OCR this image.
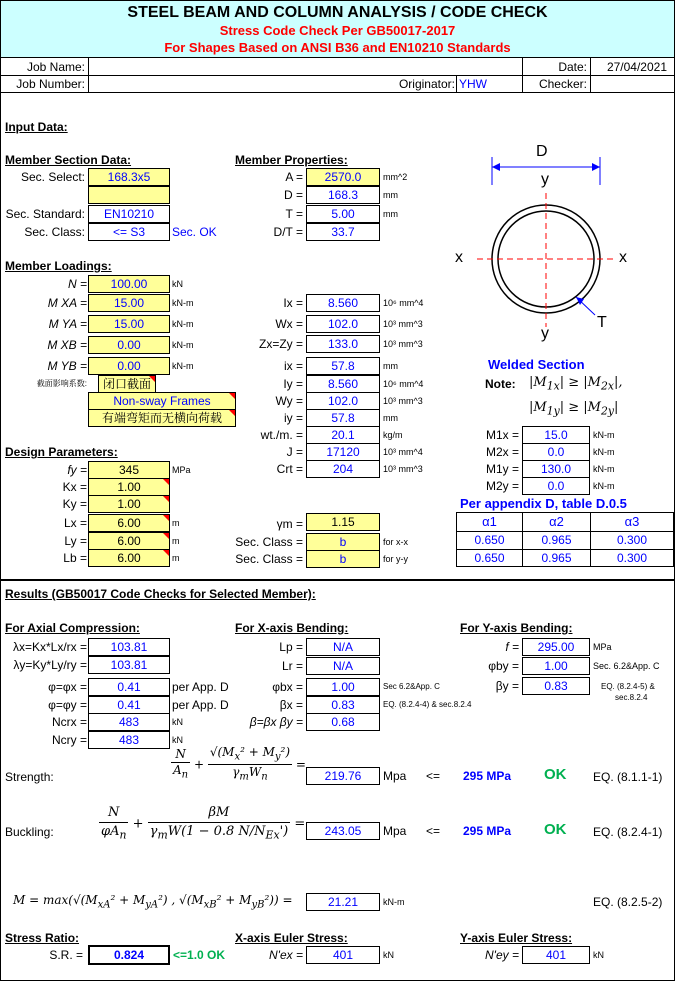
STEEL BEAM AND COLUMN ANALYSIS / CODE CHECK
Stress Code Check Per GB50017-2017
For Shapes Based on ANSI B36 and EN10210 Standards
Job Name:
Job Number:	Originator: YHW
Date:	27/04/2021
Checker:
Input Data:
Member Section Data:
Sec. Select:	168.3x5
Sec. Standard:	EN10210
Sec. Class:	<= S3	Sec. OK
Member Properties:
A =	2570.0	mm^2
D =	168.3	mm
T =	5.00	mm
D/T =	33.7
D
y
x	x
y
T
Welded Section
Note: $|M_{1x}| \ge |M_{2x}|$,
$|M_{1y}| \ge |M_{2y}|$
Member Loadings:
N =	100.00	kN
M XA =	15.00	kN-m
M YA =	15.00	kN-m
M XB =	0.00	kN-m
M YB =	0.00	kN-m
截面影响系数:	闭口截面
Non-sway Frames
有端弯矩而无横向荷载
Ix =	8.560	10⁶ mm^4
Wx =	102.0	10³ mm^3
Zx=Zy =	133.0	10³ mm^3
ix =	57.8	mm
Iy =	8.560	10⁶ mm^4
Wy =	102.0	10³ mm^3
iy =	57.8	mm
wt./m. =	20.1	kg/m
J =	17120	10³ mm^4
Crt =	204	10³ mm^3
M1x =	15.0	kN-m
M2x =	0.0	kN-m
M1y =	130.0	kN-m
M2y =	0.0	kN-m
Design Parameters:
fy =	345	MPa
Kx =	1.00
Ky =	1.00
Lx =	6.00	m
Ly =	6.00	m
Lb =	6.00	m
γm =	1.15
Sec. Class =	b	for x-x
Sec. Class =	b	for y-y
Per appendix D, table D.0.5
α1	α2	α3
0.650	0.965	0.300
0.650	0.965	0.300
Results (GB50017 Code Checks for Selected Member):
For Axial Compression:
λx=Kx*Lx/rx =	103.81
λy=Ky*Ly/ry =	103.81
φ=φx =	0.41	per App. D
φ=φy =	0.41	per App. D
Ncrx =	483	kN
Ncry =	483	kN
For X-axis Bending:
Lp =	N/A
Lr =	N/A
φbx =	1.00	Sec 6.2&App. C
βx =	0.83	EQ. (8.2.4-4) & sec.8.2.4
β=βx βy =	0.68
For Y-axis Bending:
f =	295.00	MPa
φby =	1.00	Sec. 6.2&App. C
βy =	0.83	EQ. (8.2.4-5) &
sec.8.2.4
Strength:	$\frac{N}{A_n} + \frac{√(M_x^2 + M_y^2)}{\gamma_mW_n}$ =
219.76	Mpa <= 295 MPa OK EQ. (8.1.1-1)
Buckling:	$\frac{N}{\varphi A_n} + \frac{\beta M}{\gamma_mW(1 - 0.8 N/N_{Ex}')}$ =	243.05	Mpa <= 295 MPa OK EQ. (8.2.4-1)
$M = \max(√(M_{xA}^2 + M_{yA}^2)$ , $√(M_{xB}^2 + M_{yB}^2)$) =	21.21	kN-m	EQ. (8.2.5-2)
Stress Ratio:
S.R. =	0.824	<=1.0 OK
X-axis Euler Stress:
N'ex =	401	kN
Y-axis Euler Stress:
N'ey =	401	kN
